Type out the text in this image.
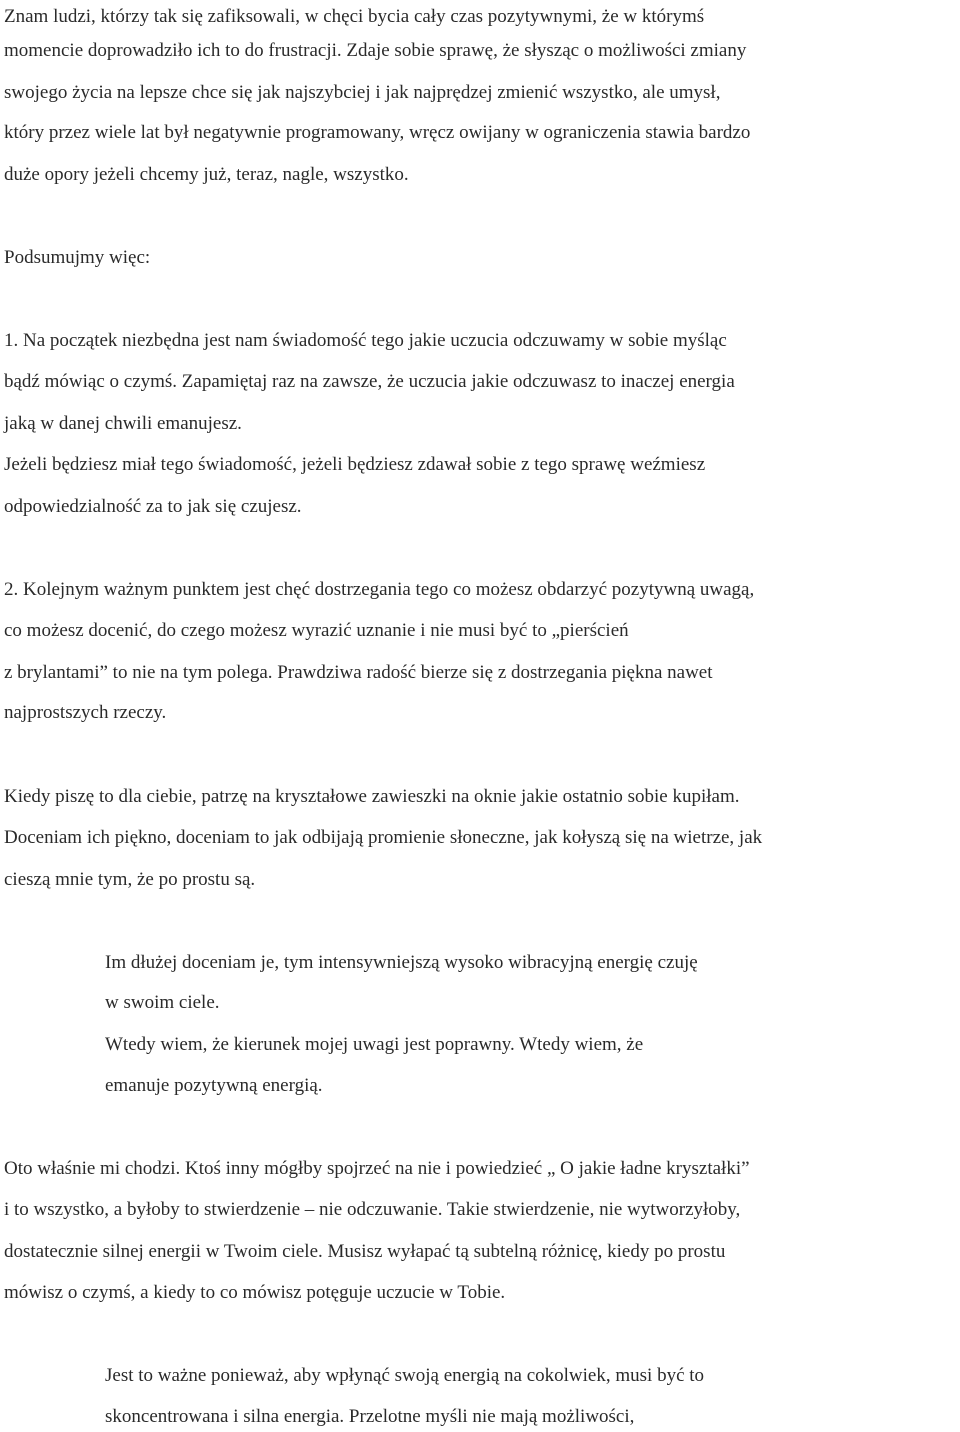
Znam ludzi, którzy tak się zafiksowali, w chęci bycia cały czas pozytywnymi, że w którymś
momencie doprowadziło ich to do frustracji. Zdaje sobie sprawę, że słysząc o możliwości zmiany
swojego życia na lepsze chce się jak najszybciej i jak najprędzej zmienić wszystko, ale umysł,
który przez wiele lat był negatywnie programowany, wręcz owijany w ograniczenia stawia bardzo
duże opory jeżeli chcemy już, teraz, nagle, wszystko.
Podsumujmy więc:
1. Na początek niezbędna jest nam świadomość tego jakie uczucia odczuwamy w sobie myśląc
bądź mówiąc o czymś. Zapamiętaj raz na zawsze, że uczucia jakie odczuwasz to inaczej energia
jaką w danej chwili emanujesz.
Jeżeli będziesz miał tego świadomość, jeżeli będziesz zdawał sobie z tego sprawę weźmiesz
odpowiedzialność za to jak się czujesz.
2. Kolejnym ważnym punktem jest chęć dostrzegania tego co możesz obdarzyć pozytywną uwagą,
co możesz docenić, do czego możesz wyrazić uznanie i nie musi być to „pierścień
z brylantami” to nie na tym polega. Prawdziwa radość bierze się z dostrzegania piękna nawet
najprostszych rzeczy.
Kiedy piszę to dla ciebie, patrzę na kryształowe zawieszki na oknie jakie ostatnio sobie kupiłam.
Doceniam ich piękno, doceniam to jak odbijają promienie słoneczne, jak kołyszą się na wietrze, jak
cieszą mnie tym, że po prostu są.
Im dłużej doceniam je, tym intensywniejszą wysoko wibracyjną energię czuję
w swoim ciele.
Wtedy wiem, że kierunek mojej uwagi jest poprawny. Wtedy wiem, że
emanuje pozytywną energią.
Oto właśnie mi chodzi. Ktoś inny mógłby spojrzeć na nie i powiedzieć „ O jakie ładne kryształki”
i to wszystko, a byłoby to stwierdzenie – nie odczuwanie. Takie stwierdzenie, nie wytworzyłoby,
dostatecznie silnej energii w Twoim ciele. Musisz wyłapać tą subtelną różnicę, kiedy po prostu
mówisz o czymś, a kiedy to co mówisz potęguje uczucie w Tobie.
Jest to ważne ponieważ, aby wpłynąć swoją energią na cokolwiek, musi być to
skoncentrowana i silna energia. Przelotne myśli nie mają możliwości,
